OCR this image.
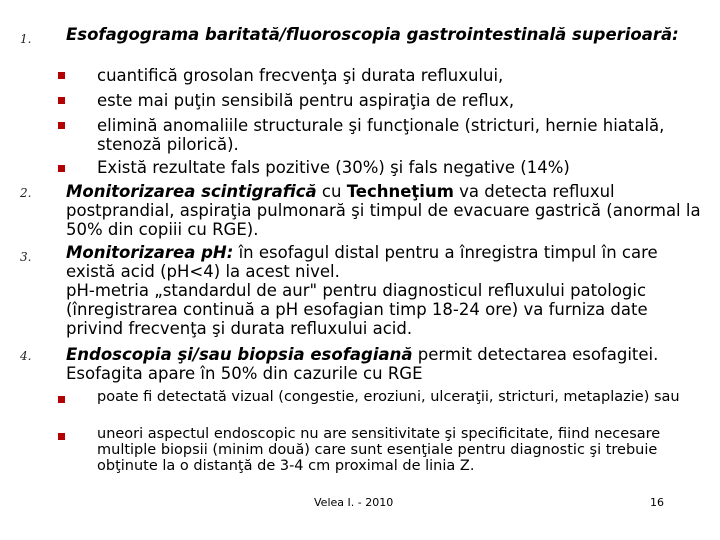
1. Esofagograma baritată/fluoroscopia gastrointestinală superioară:
cuantifică grosolan frecvenţa şi durata refluxului,
este mai puţin sensibilă pentru aspiraţia de reflux,
elimină anomaliile structurale şi funcţionale (stricturi, hernie hiatală, stenoză pilorică).
Există rezultate fals pozitive (30%) şi fals negative (14%)
2. Monitorizarea scintigrafică cu Techneţium va detecta refluxul postprandial, aspiraţia pulmonară şi timpul de evacuare gastrică (anormal la 50% din copiii cu RGE).
3. Monitorizarea pH: în esofagul distal pentru a înregistra timpul în care există acid (pH<4) la acest nivel.
pH-metria „standardul de aur" pentru diagnosticul refluxului patologic (înregistrarea continuă a pH esofagian timp 18-24 ore) va furniza date privind frecvenţa şi durata refluxului acid.
4. Endoscopia şi/sau biopsia esofagiană permit detectarea esofagitei. Esofagita apare în 50% din cazurile cu RGE
poate fi detectată vizual (congestie, eroziuni, ulceraţii, stricturi, metaplazie) sau
uneori aspectul endoscopic nu are sensitivitate şi specificitate, fiind necesare multiple biopsii (minim două) care sunt esenţiale pentru diagnostic şi trebuie obţinute la o distanţă de 3-4 cm proximal de linia Z.
Velea I. - 2010	16
